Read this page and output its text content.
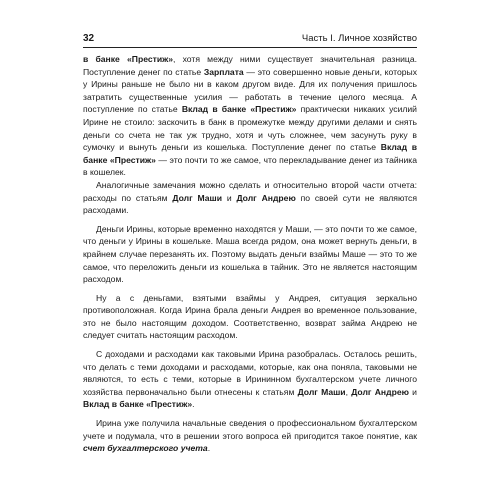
32	Часть I. Личное хозяйство

в банке «Престиж», хотя между ними существует значительная разница. Поступление денег по статье Зарплата — это совершенно новые деньги, которых у Ирины раньше не было ни в каком другом виде. Для их получения пришлось затратить существенные усилия — работать в течение целого месяца. А поступление по статье Вклад в банке «Престиж» практически никаких усилий Ирине не стоило: заскочить в банк в промежутке между другими делами и снять деньги со счета не так уж трудно, хотя и чуть сложнее, чем засунуть руку в сумочку и вынуть деньги из кошелька. Поступление денег по статье Вклад в банке «Престиж» — это почти то же самое, что перекладывание денег из тайника в кошелек.

Аналогичные замечания можно сделать и относительно второй части отчета: расходы по статьям Долг Маши и Долг Андрею по своей сути не являются расходами.

Деньги Ирины, которые временно находятся у Маши, — это почти то же самое, что деньги у Ирины в кошельке. Маша всегда рядом, она может вернуть деньги, в крайнем случае перезанять их. Поэтому выдать деньги взаймы Маше — это то же самое, что переложить деньги из кошелька в тайник. Это не является настоящим расходом.

Ну а с деньгами, взятыми взаймы у Андрея, ситуация зеркально противоположная. Когда Ирина брала деньги Андрея во временное пользование, это не было настоящим доходом. Соответственно, возврат займа Андрею не следует считать настоящим расходом.

С доходами и расходами как таковыми Ирина разобралась. Осталось решить, что делать с теми доходами и расходами, которые, как она поняла, таковыми не являются, то есть с теми, которые в Ирининном бухгалтерском учете личного хозяйства первоначально были отнесены к статьям Долг Маши, Долг Андрею и Вклад в банке «Престиж».

Ирина уже получила начальные сведения о профессиональном бухгалтерском учете и подумала, что в решении этого вопроса ей пригодится такое понятие, как счет бухгалтерского учета.
